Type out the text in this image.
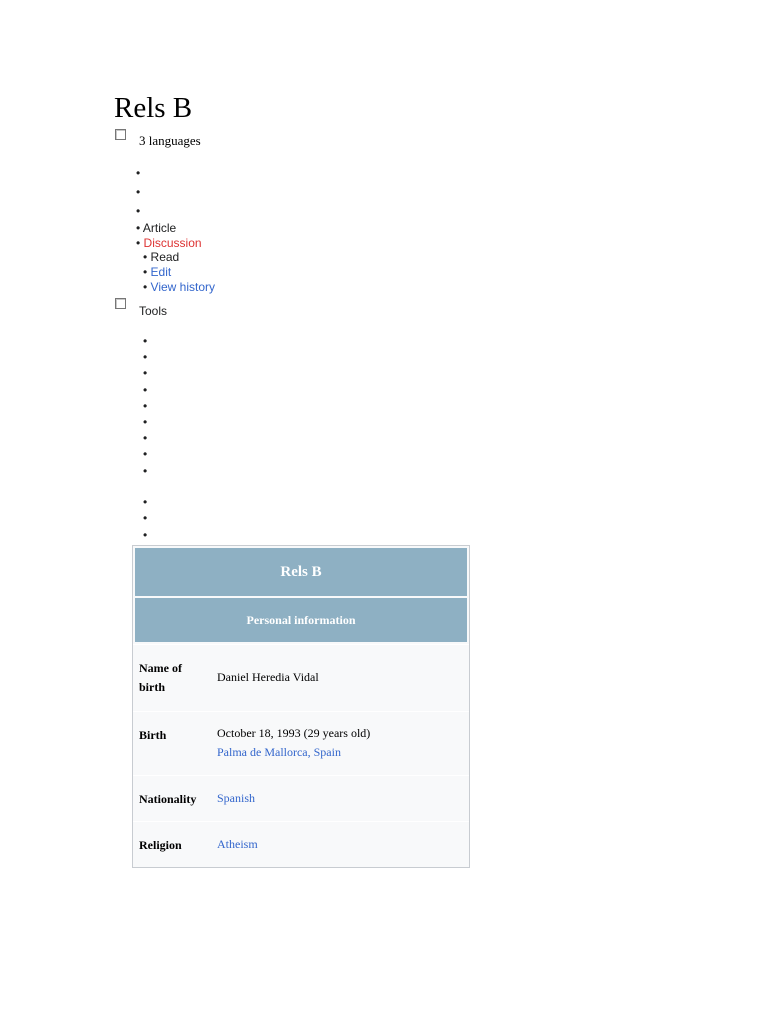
Rels B
3 languages
•
•
•
• Article
• Discussion
• Read
• Edit
• View history
Tools
•
•
•
•
•
•
•
•
•
•
•
•
Rels B
Personal information
Name of birth
Daniel Heredia Vidal
Birth	October 18, 1993 (29 years old)
Palma de Mallorca, Spain
Nationality Spanish
Religion	Atheism
